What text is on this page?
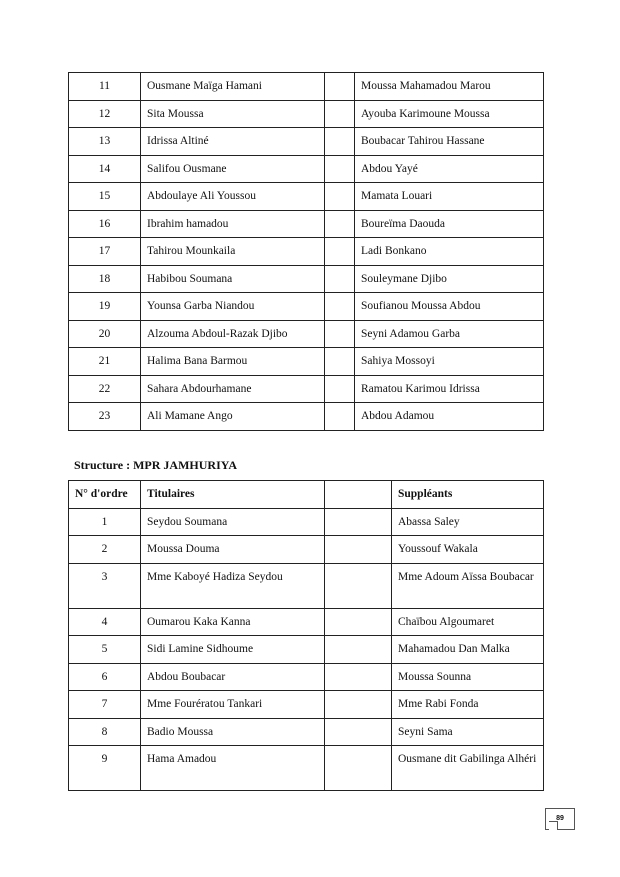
11	Ousmane Maïga Hamani		Moussa Mahamadou Marou

12	Sita Moussa		Ayouba Karimoune Moussa

13	Idrissa Altiné		Boubacar Tahirou Hassane

14	Salifou Ousmane		Abdou Yayé

15	Abdoulaye Ali Youssou		Mamata Louari

16	Ibrahim hamadou		Boureïma Daouda

17	Tahirou Mounkaila		Ladi Bonkano

18	Habibou Soumana		Souleymane Djibo

19	Younsa Garba Niandou		Soufianou Moussa Abdou

20	Alzouma Abdoul-Razak Djibo		Seyni Adamou Garba

21	Halima Bana Barmou		Sahiya Mossoyi

22	Sahara Abdourhamane		Ramatou Karimou Idrissa

23	Ali Mamane Ango		Abdou Adamou
Structure : MPR JAMHURIYA
N° d'ordre	Titulaires		Suppléants

1	Seydou Soumana		Abassa Saley

2	Moussa Douma		Youssouf Wakala

3	Mme Kaboyé Hadiza Seydou		Mme Adoum Aïssa Boubacar

4	Oumarou Kaka Kanna		Chaïbou Algoumaret

5	Sidi Lamine Sidhoume		Mahamadou Dan Malka

6	Abdou Boubacar		Moussa Sounna

7	Mme Fourératou Tankari		Mme Rabi Fonda

8	Badio Moussa		Seyni Sama

9	Hama Amadou		Ousmane dit Gabilinga Alhéri
89
